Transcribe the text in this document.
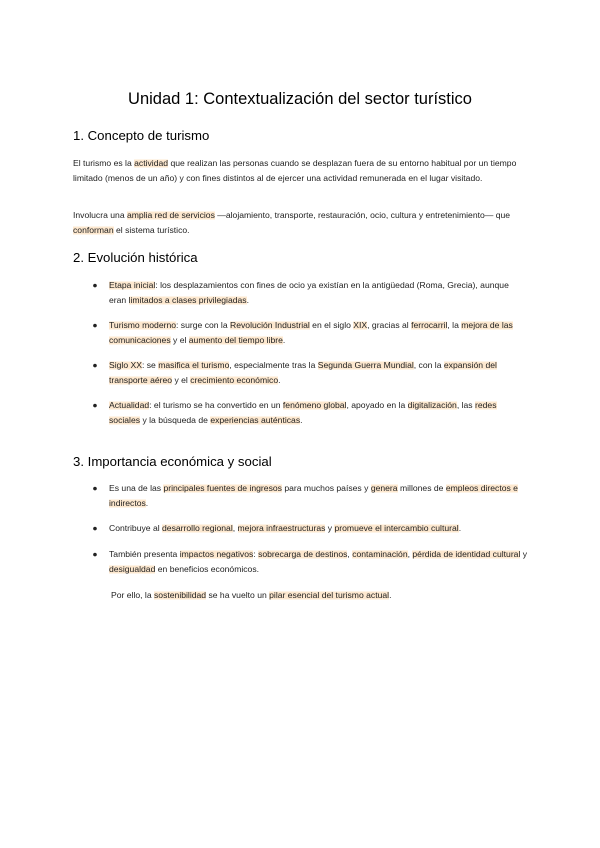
Unidad 1: Contextualización del sector turístico
1. Concepto de turismo

El turismo es la actividad que realizan las personas cuando se desplazan fuera de su entorno habitual por un tiempo limitado (menos de un año) y con fines distintos al de ejercer una actividad remunerada en el lugar visitado.

Involucra una amplia red de servicios —alojamiento, transporte, restauración, ocio, cultura y entretenimiento— que conforman el sistema turístico.

2. Evolución histórica
● Etapa inicial: los desplazamientos con fines de ocio ya existían en la antigüedad (Roma, Grecia), aunque eran limitados a clases privilegiadas.
● Turismo moderno: surge con la Revolución Industrial en el siglo XIX, gracias al ferrocarril, la mejora de las comunicaciones y el aumento del tiempo libre.
● Siglo XX: se masifica el turismo, especialmente tras la Segunda Guerra Mundial, con la expansión del transporte aéreo y el crecimiento económico.
● Actualidad: el turismo se ha convertido en un fenómeno global, apoyado en la digitalización, las redes sociales y la búsqueda de experiencias auténticas.
3. Importancia económica y social
● Es una de las principales fuentes de ingresos para muchos países y genera millones de empleos directos e indirectos.
● Contribuye al desarrollo regional, mejora infraestructuras y promueve el intercambio cultural.
● También presenta impactos negativos: sobrecarga de destinos, contaminación, pérdida de identidad cultural y desigualdad en beneficios económicos.

Por ello, la sostenibilidad se ha vuelto un pilar esencial del turismo actual.
